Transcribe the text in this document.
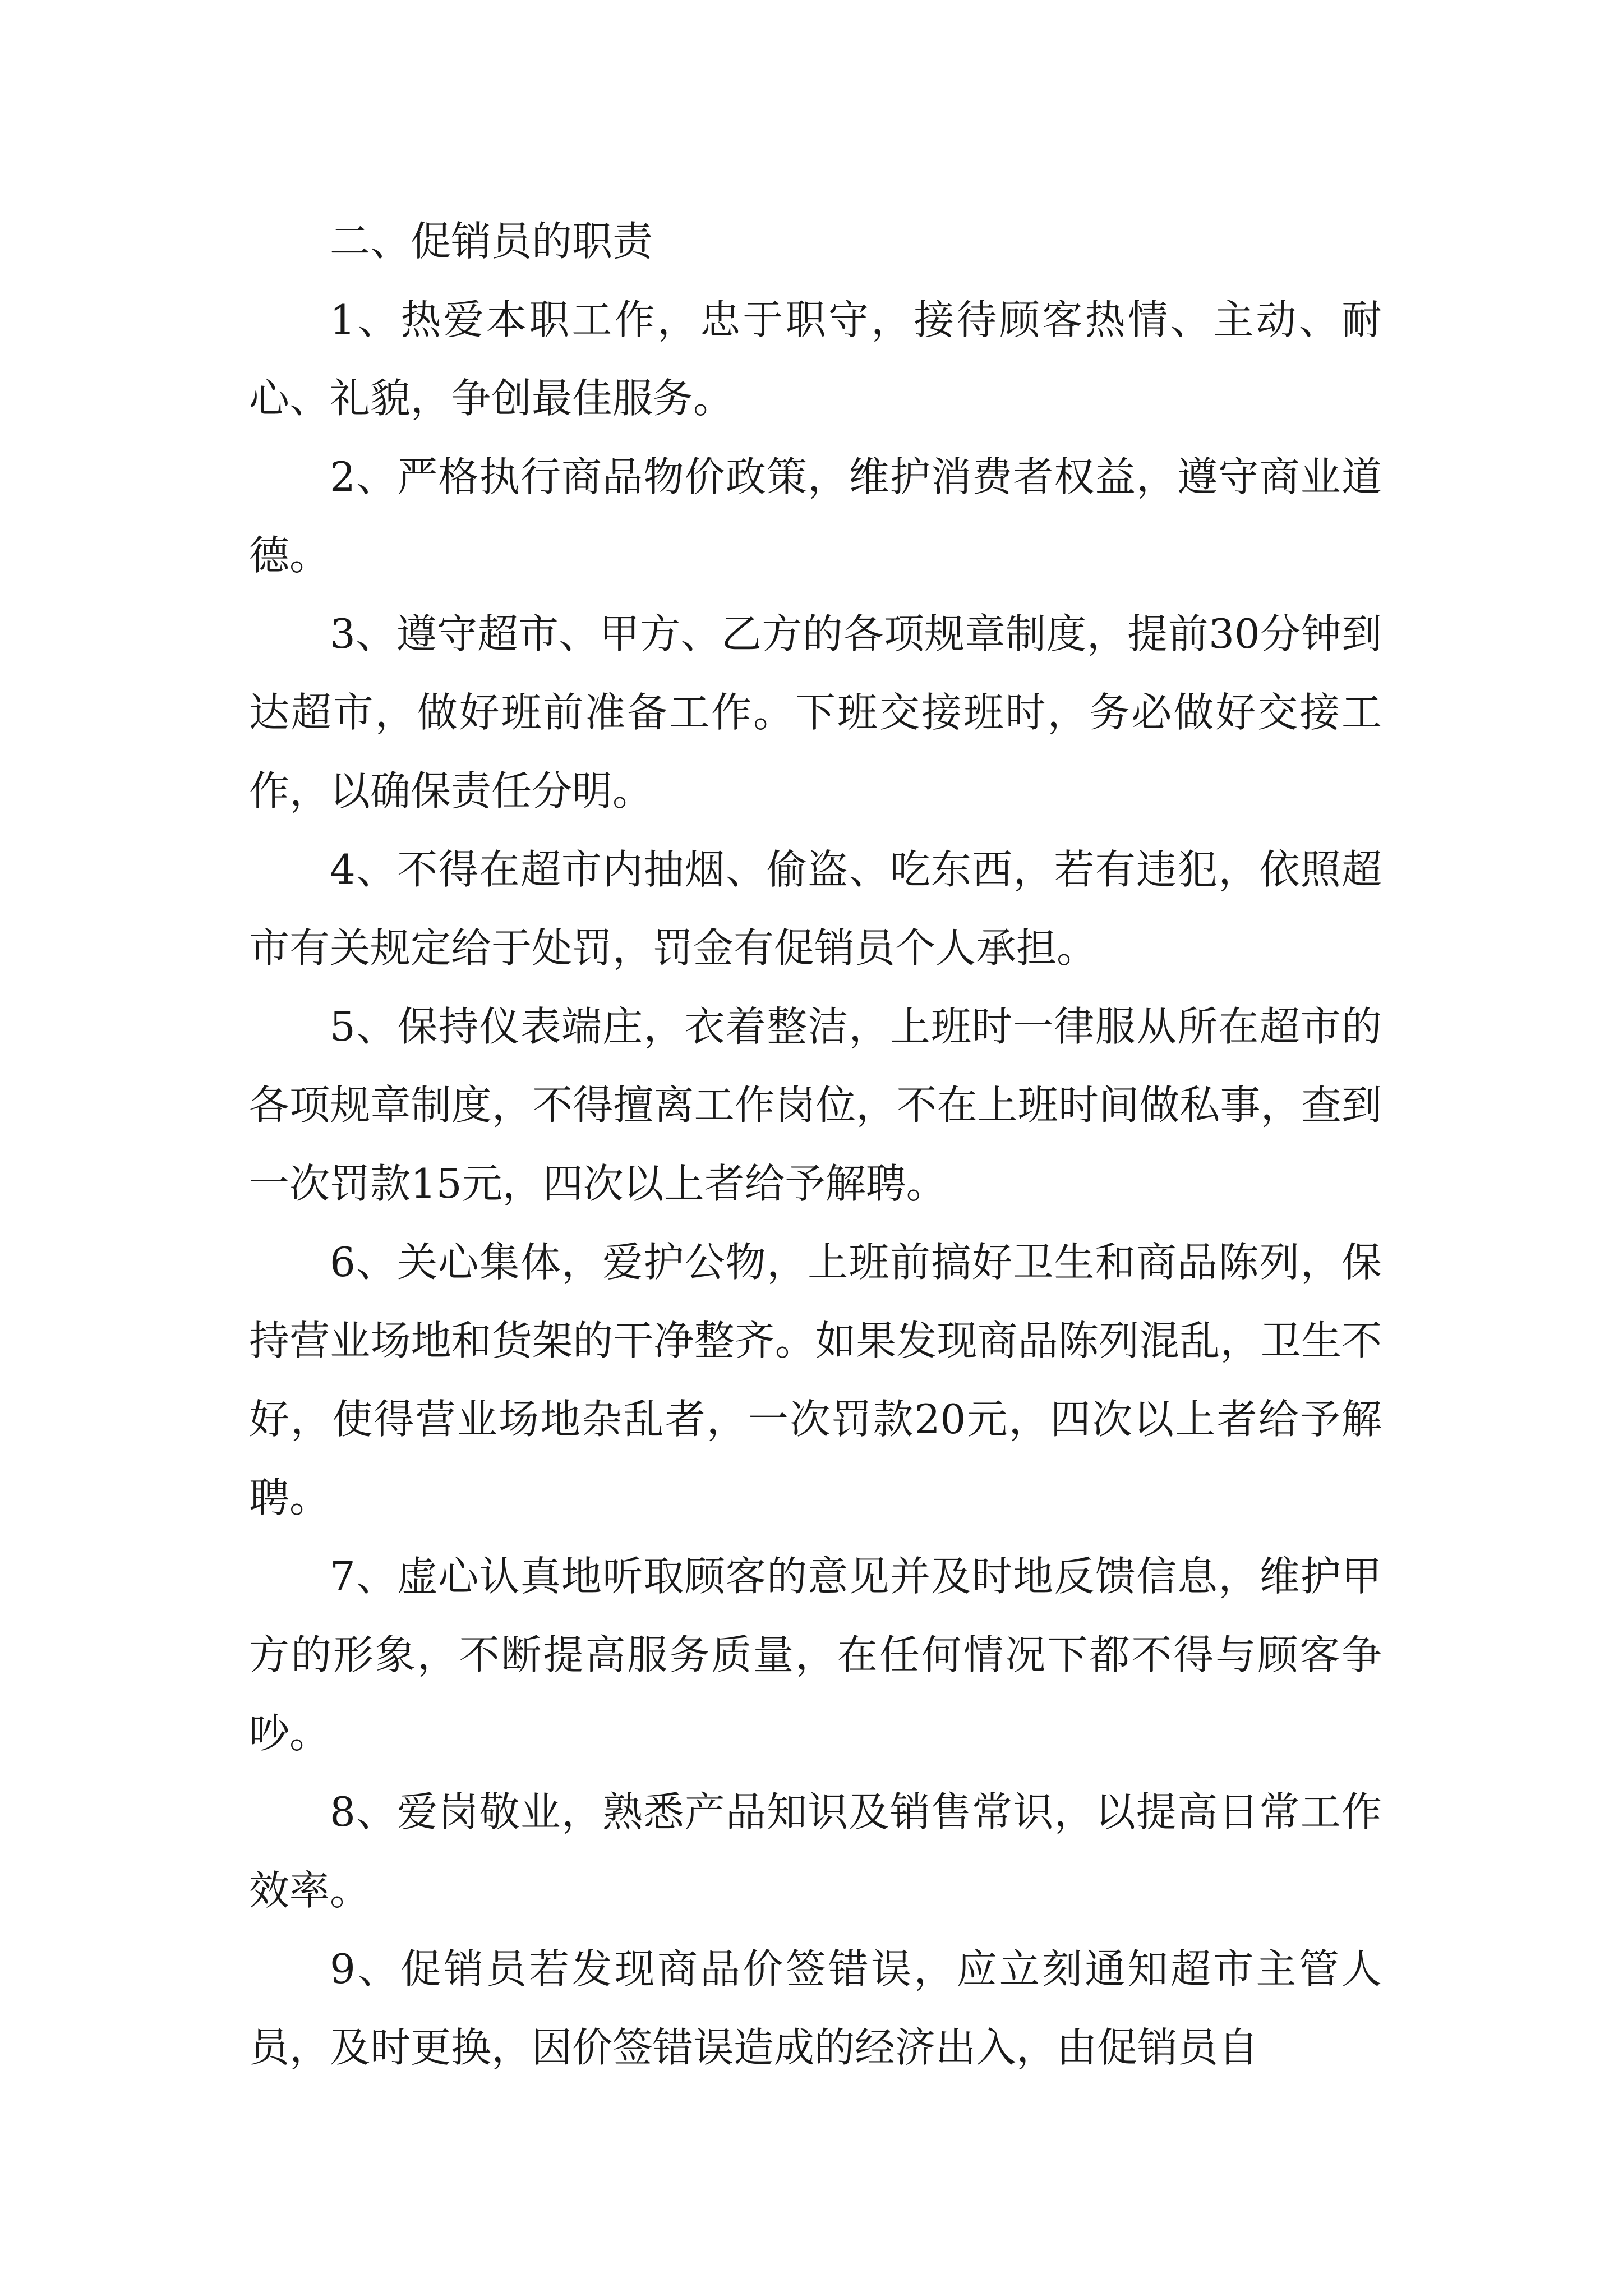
二、促销员的职责

1、热爱本职工作，忠于职守，接待顾客热情、主动、耐心、礼貌，争创最佳服务。

2、严格执行商品物价政策，维护消费者权益，遵守商业道德。

3、遵守超市、甲方、乙方的各项规章制度，提前30分钟到达超市，做好班前准备工作。下班交接班时，务必做好交接工作，以确保责任分明。

4、不得在超市内抽烟、偷盗、吃东西，若有违犯，依照超市有关规定给于处罚，罚金有促销员个人承担。

5、保持仪表端庄，衣着整洁，上班时一律服从所在超市的各项规章制度，不得擅离工作岗位，不在上班时间做私事，查到一次罚款15元，四次以上者给予解聘。

6、关心集体，爱护公物，上班前搞好卫生和商品陈列，保持营业场地和货架的干净整齐。如果发现商品陈列混乱，卫生不好，使得营业场地杂乱者，一次罚款20元，四次以上者给予解聘。

7、虚心认真地听取顾客的意见并及时地反馈信息，维护甲方的形象，不断提高服务质量，在任何情况下都不得与顾客争吵。

8、爱岗敬业，熟悉产品知识及销售常识，以提高日常工作效率。

9、促销员若发现商品价签错误，应立刻通知超市主管人员，及时更换，因价签错误造成的经济出入，由促销员自
